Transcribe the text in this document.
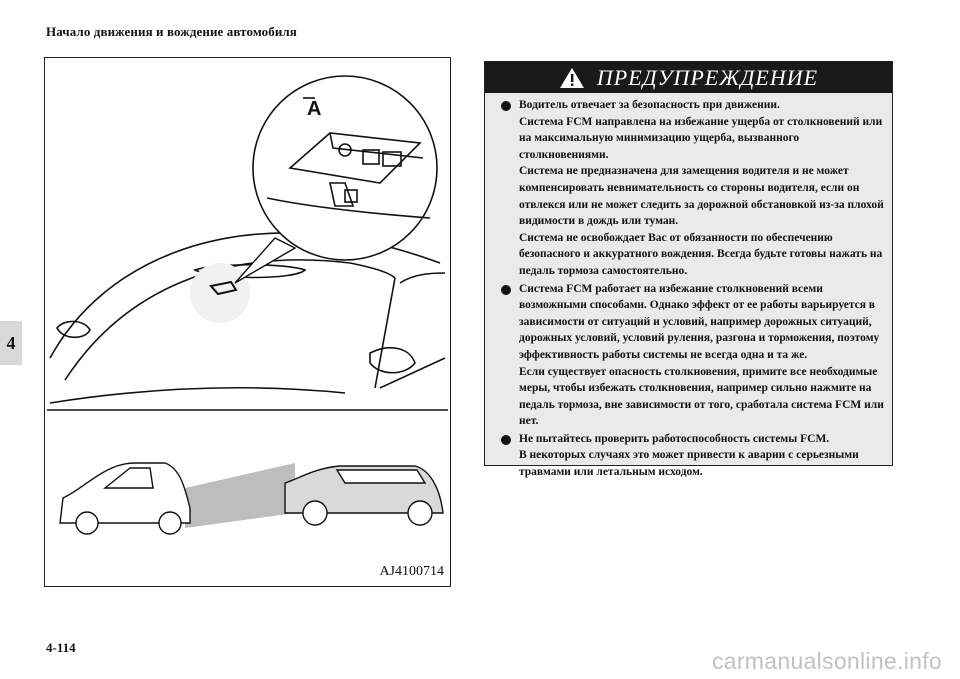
Начало движения и вождение автомобиля
4
4-114
carmanualsonline.info
A
AJ4100714
ПРЕДУПРЕЖДЕНИЕ

Водитель отвечает за безопасность при движении.

Система FCM направлена на избежание ущерба от столкновений или на максимальную минимизацию ущерба, вызванного столкновениями.

Система не предназначена для замещения водителя и не может компенсировать невнимательность со стороны водителя, если он отвлекся или не может следить за дорожной обстановкой из-за плохой видимости в дождь или туман.

Система не освобождает Вас от обязанности по обеспечению безопасного и аккуратного вождения. Всегда будьте готовы нажать на педаль тормоза самостоятельно.

Система FCM работает на избежание столкновений всеми возможными способами. Однако эффект от ее работы варьируется в зависимости от ситуаций и условий, например дорожных ситуаций, дорожных условий, условий руления, разгона и торможения, поэтому эффективность работы системы не всегда одна и та же.

Если существует опасность столкновения, примите все необходимые меры, чтобы избежать столкновения, например сильно нажмите на педаль тормоза, вне зависимости от того, сработала система FCM или нет.

Не пытайтесь проверить работоспособность системы FCM.

В некоторых случаях это может привести к аварии с серьезными травмами или летальным исходом.
